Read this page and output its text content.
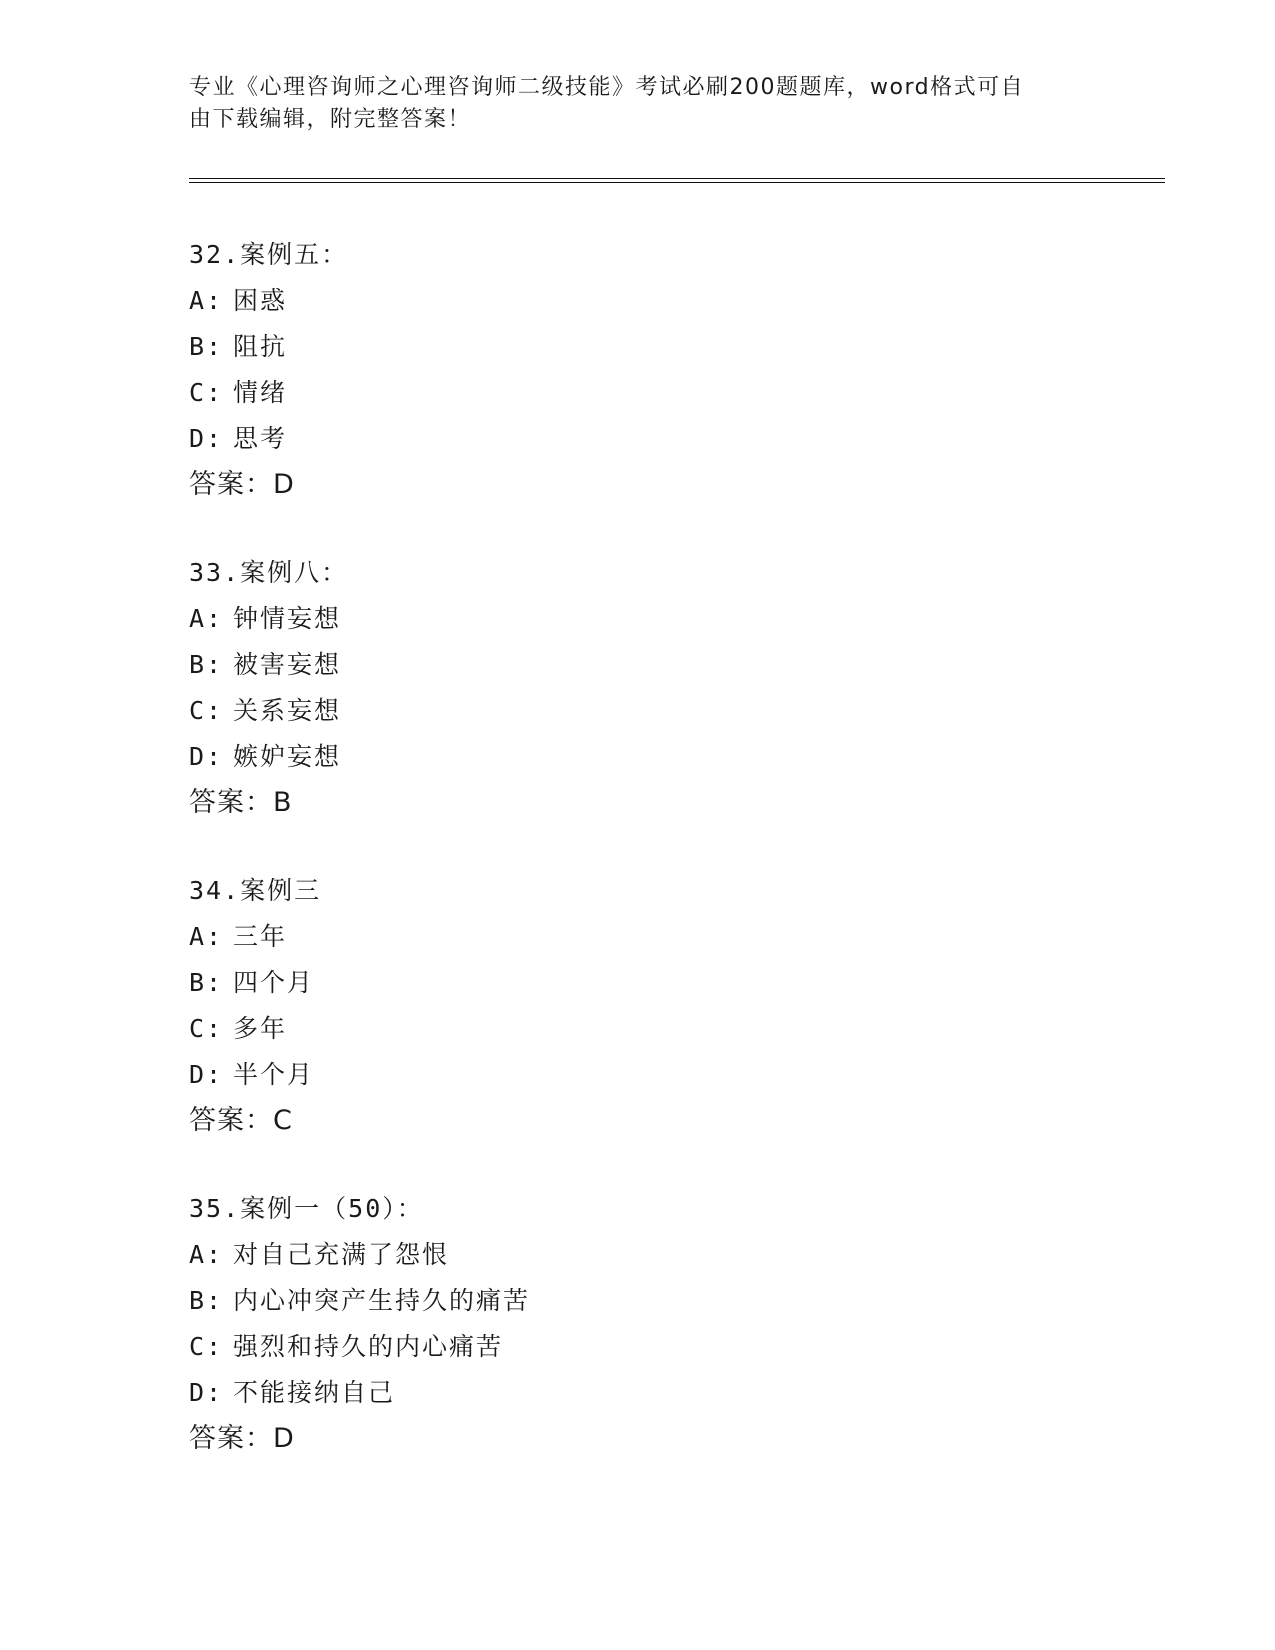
专业《心理咨询师之心理咨询师二级技能》考试必刷200题题库，word格式可自
由下载编辑，附完整答案！
32.案例五：
A: 困惑
B: 阻抗
C: 情绪
D: 思考
答案：D
33.案例八：
A: 钟情妄想
B: 被害妄想
C: 关系妄想
D: 嫉妒妄想
答案：B
34.案例三
A: 三年
B: 四个月
C: 多年
D: 半个月
答案：C
35.案例一（50）：
A: 对自己充满了怨恨
B: 内心冲突产生持久的痛苦
C: 强烈和持久的内心痛苦
D: 不能接纳自己
答案：D
